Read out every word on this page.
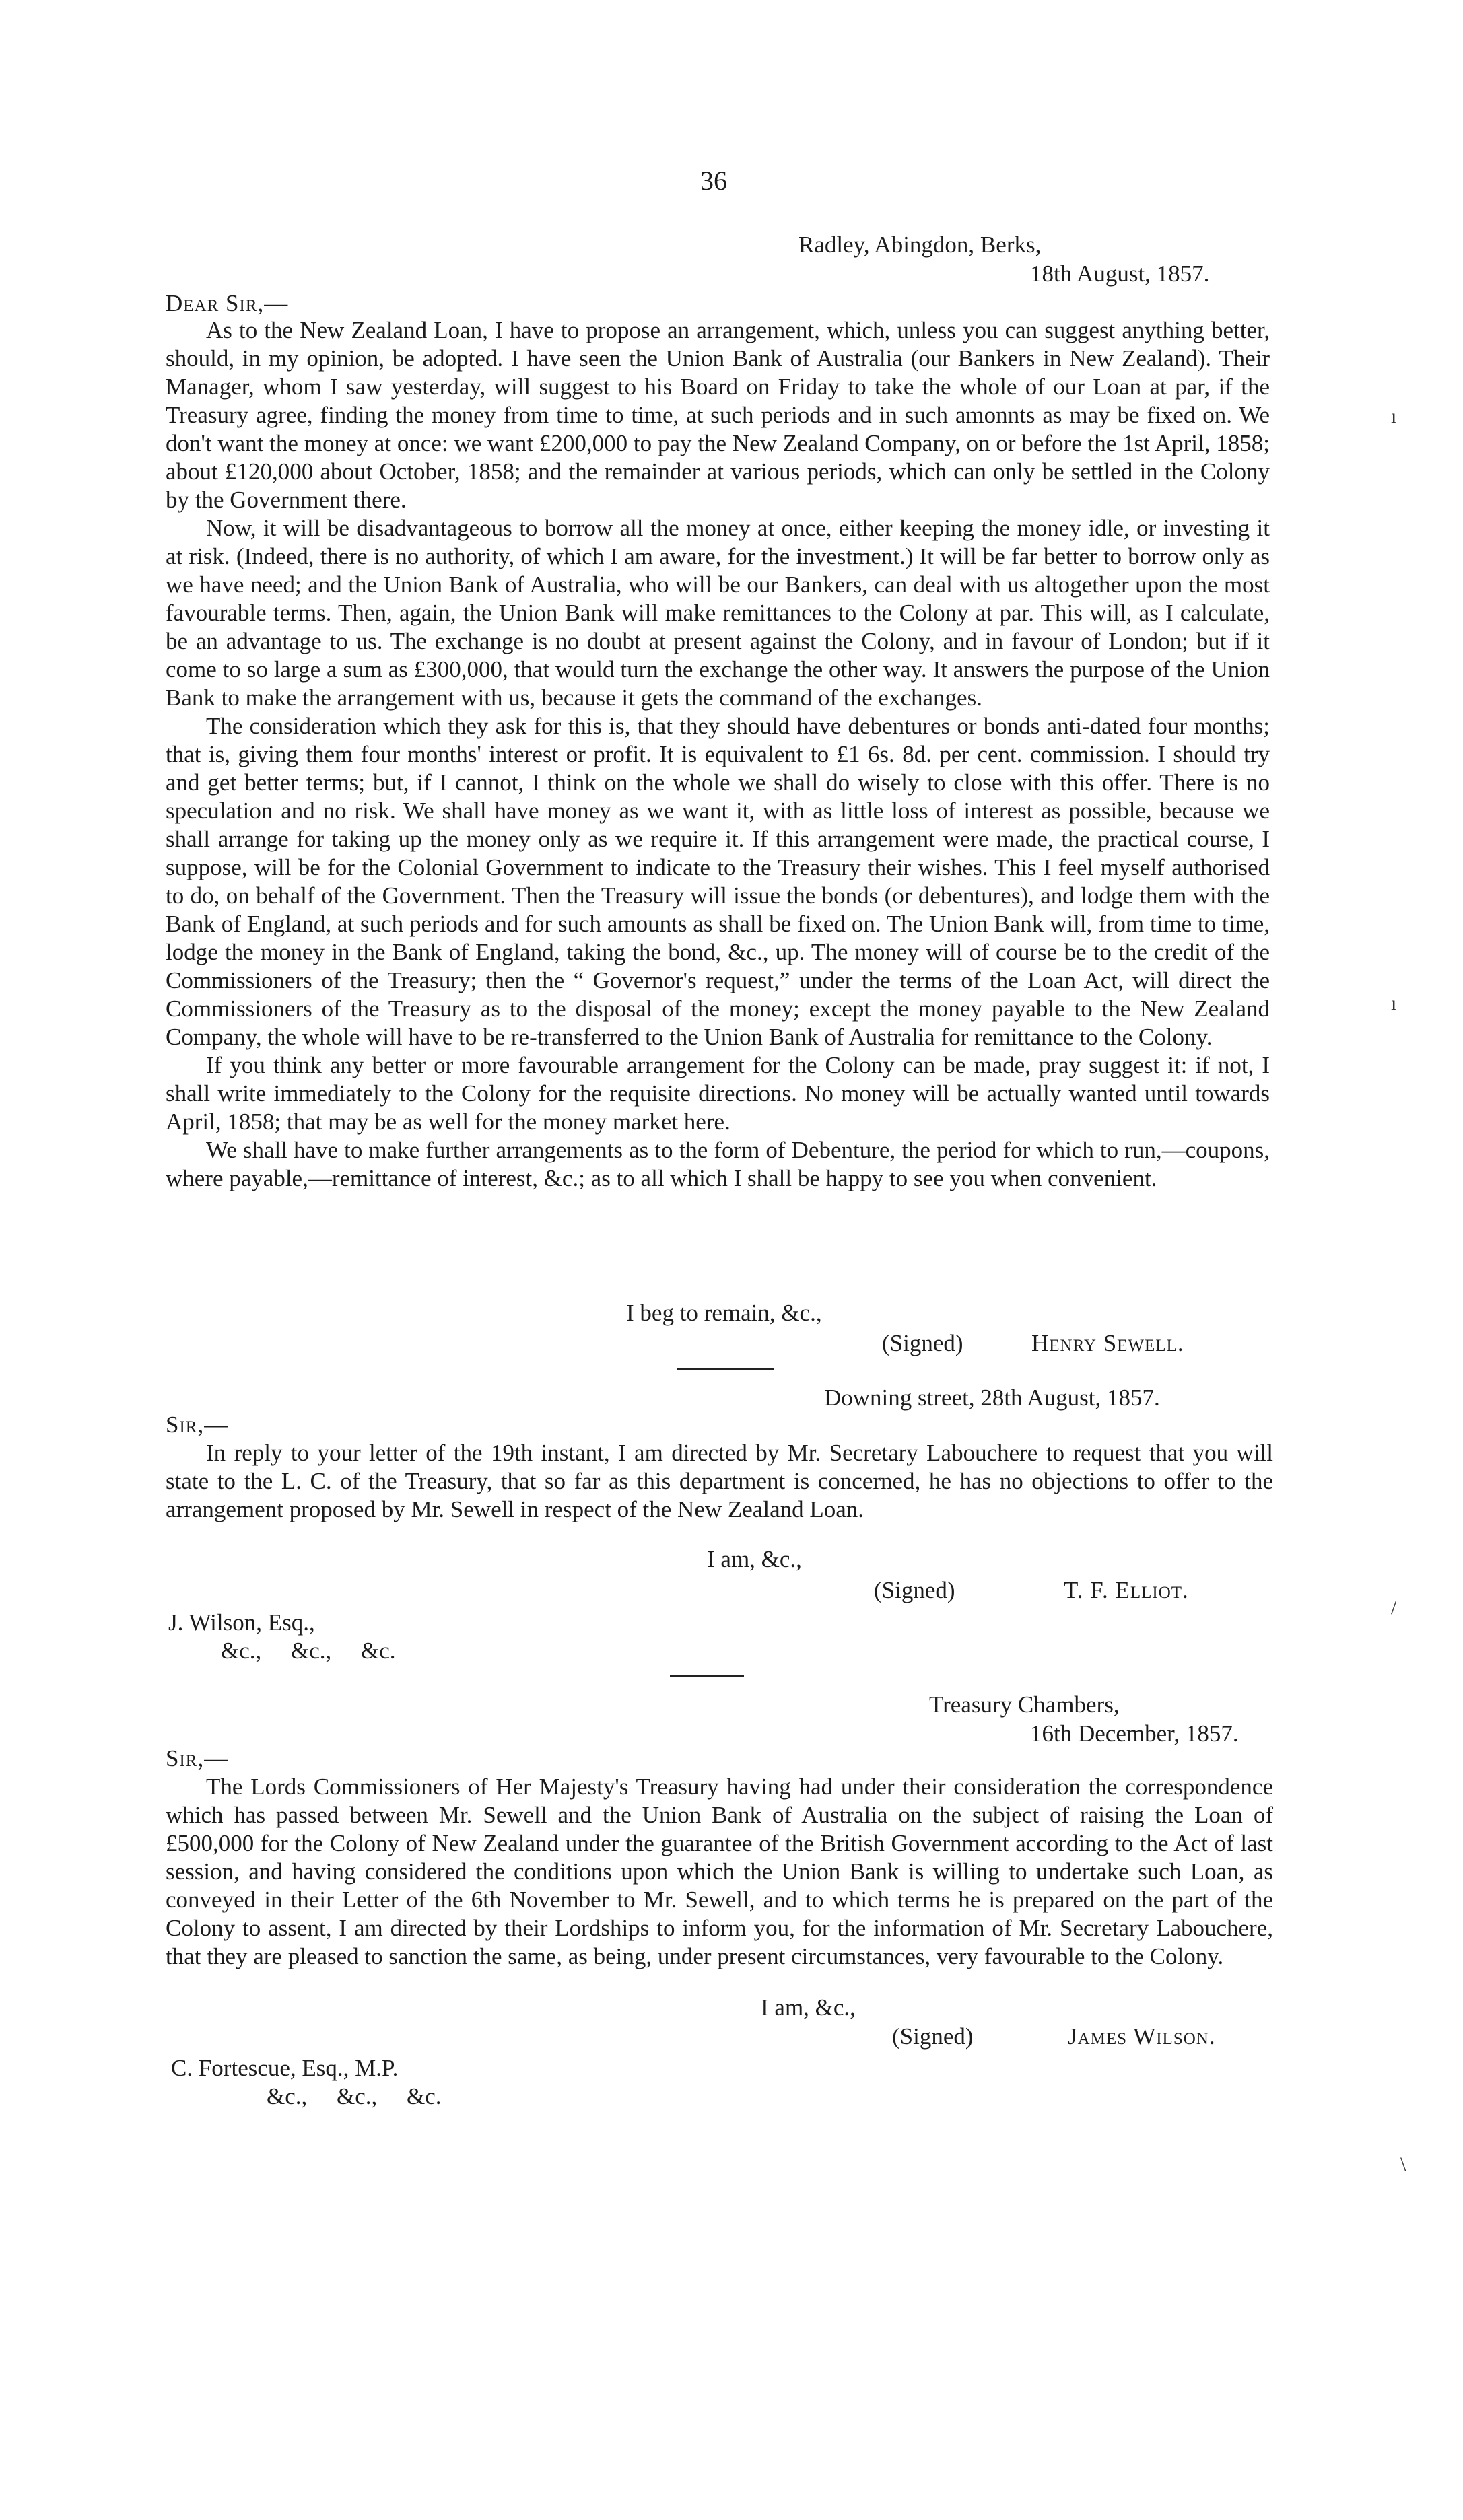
36
Radley, Abingdon, Berks,
18th August, 1857.
Dear Sir,—

As to the New Zealand Loan, I have to propose an arrangement, which, unless you can suggest anything better, should, in my opinion, be adopted. I have seen the Union Bank of Australia (our Bankers in New Zealand). Their Manager, whom I saw yesterday, will suggest to his Board on Friday to take the whole of our Loan at par, if the Treasury agree, finding the money from time to time, at such periods and in such amonnts as may be fixed on. We don't want the money at once: we want £200,000 to pay the New Zealand Company, on or before the 1st April, 1858; about £120,000 about October, 1858; and the remainder at various periods, which can only be settled in the Colony by the Government there.

Now, it will be disadvantageous to borrow all the money at once, either keeping the money idle, or investing it at risk. (Indeed, there is no authority, of which I am aware, for the investment.) It will be far better to borrow only as we have need; and the Union Bank of Australia, who will be our Bankers, can deal with us altogether upon the most favourable terms. Then, again, the Union Bank will make remittances to the Colony at par. This will, as I calculate, be an advantage to us. The exchange is no doubt at present against the Colony, and in favour of London; but if it come to so large a sum as £300,000, that would turn the exchange the other way. It answers the purpose of the Union Bank to make the arrangement with us, because it gets the command of the exchanges.

The consideration which they ask for this is, that they should have debentures or bonds anti-dated four months; that is, giving them four months' interest or profit. It is equivalent to £1 6s. 8d. per cent. commission. I should try and get better terms; but, if I cannot, I think on the whole we shall do wisely to close with this offer. There is no speculation and no risk. We shall have money as we want it, with as little loss of interest as possible, because we shall arrange for taking up the money only as we require it. If this arrangement were made, the practical course, I suppose, will be for the Colonial Government to indicate to the Treasury their wishes. This I feel myself authorised to do, on behalf of the Government. Then the Treasury will issue the bonds (or debentures), and lodge them with the Bank of England, at such periods and for such amounts as shall be fixed on. The Union Bank will, from time to time, lodge the money in the Bank of England, taking the bond, &c., up. The money will of course be to the credit of the Commissioners of the Treasury; then the “ Governor's request,” under the terms of the Loan Act, will direct the Commissioners of the Treasury as to the disposal of the money; except the money payable to the New Zealand Company, the whole will have to be re-transferred to the Union Bank of Australia for remittance to the Colony.

If you think any better or more favourable arrangement for the Colony can be made, pray suggest it: if not, I shall write immediately to the Colony for the requisite directions. No money will be actually wanted until towards April, 1858; that may be as well for the money market here.

We shall have to make further arrangements as to the form of Debenture, the period for which to run,—coupons, where payable,—remittance of interest, &c.; as to all which I shall be happy to see you when convenient.

I beg to remain, &c.,
(Signed)	Henry Sewell.
Downing street, 28th August, 1857.
Sir,—

In reply to your letter of the 19th instant, I am directed by Mr. Secretary Labouchere to request that you will state to the L. C. of the Treasury, that so far as this department is concerned, he has no objections to offer to the arrangement proposed by Mr. Sewell in respect of the New Zealand Loan.

I am, &c.,
(Signed)	T. F. Elliot.
J. Wilson, Esq.,
&c.,     &c.,     &c.
Treasury Chambers,
16th December, 1857.
Sir,—

The Lords Commissioners of Her Majesty's Treasury having had under their consideration the correspondence which has passed between Mr. Sewell and the Union Bank of Australia on the subject of raising the Loan of £500,000 for the Colony of New Zealand under the guarantee of the British Government according to the Act of last session, and having considered the conditions upon which the Union Bank is willing to undertake such Loan, as conveyed in their Letter of the 6th November to Mr. Sewell, and to which terms he is prepared on the part of the Colony to assent, I am directed by their Lordships to inform you, for the information of Mr. Secretary Labouchere, that they are pleased to sanction the same, as being, under present circumstances, very favourable to the Colony.

I am, &c.,
(Signed)	James Wilson.
C. Fortescue, Esq., M.P.
&c.,     &c.,     &c.
ı
ı
/
\
